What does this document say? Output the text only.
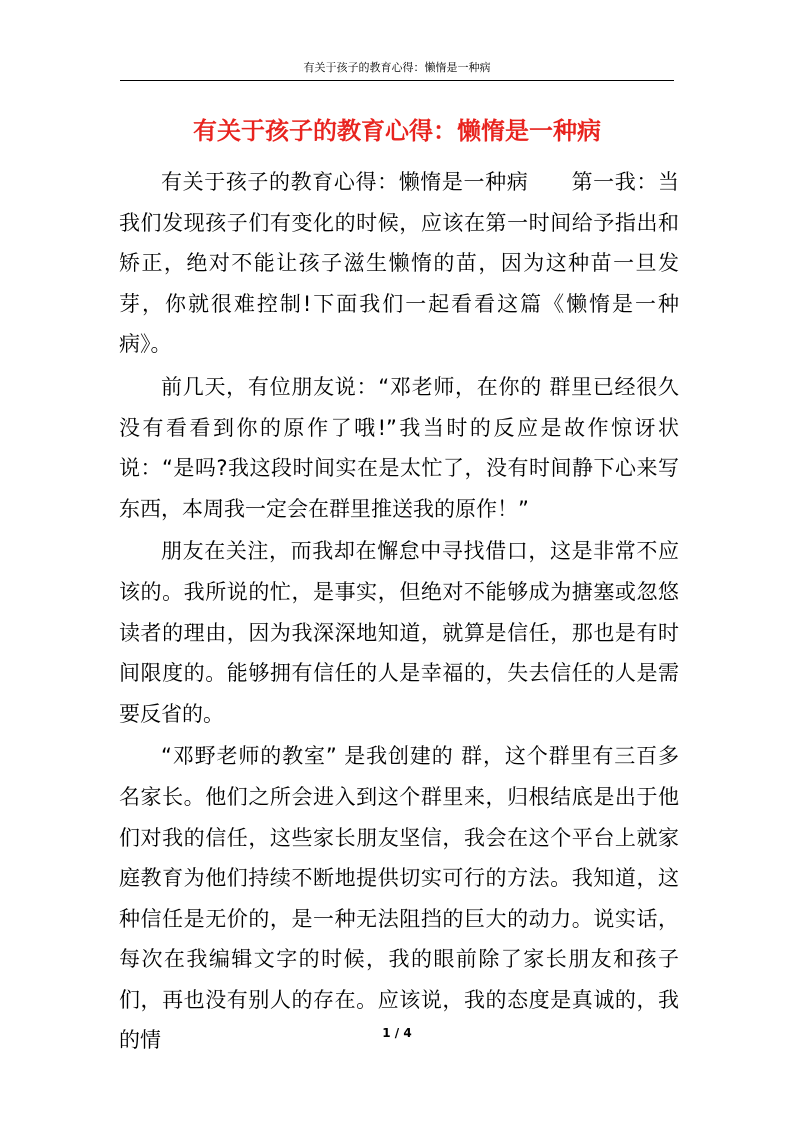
有关于孩子的教育心得：懒惰是一种病
有关于孩子的教育心得：懒惰是一种病

有关于孩子的教育心得：懒惰是一种病　　第一我：当我们发现孩子们有变化的时候，应该在第一时间给予指出和矫正，绝对不能让孩子滋生懒惰的苗，因为这种苗一旦发芽，你就很难控制!下面我们一起看看这篇《懒惰是一种病》。

前几天，有位朋友说：“邓老师，在你的 群里已经很久没有看看到你的原作了哦!”我当时的反应是故作惊讶状说：“是吗?我这段时间实在是太忙了，没有时间静下心来写东西，本周我一定会在群里推送我的原作！”

朋友在关注，而我却在懈怠中寻找借口，这是非常不应该的。我所说的忙，是事实，但绝对不能够成为搪塞或忽悠读者的理由，因为我深深地知道，就算是信任，那也是有时间限度的。能够拥有信任的人是幸福的，失去信任的人是需要反省的。

“邓野老师的教室” 是我创建的 群，这个群里有三百多名家长。他们之所会进入到这个群里来，归根结底是出于他们对我的信任，这些家长朋友坚信，我会在这个平台上就家庭教育为他们持续不断地提供切实可行的方法。我知道，这种信任是无价的，是一种无法阻挡的巨大的动力。说实话，每次在我编辑文字的时候，我的眼前除了家长朋友和孩子们，再也没有别人的存在。应该说，我的态度是真诚的，我的情	1 / 4
